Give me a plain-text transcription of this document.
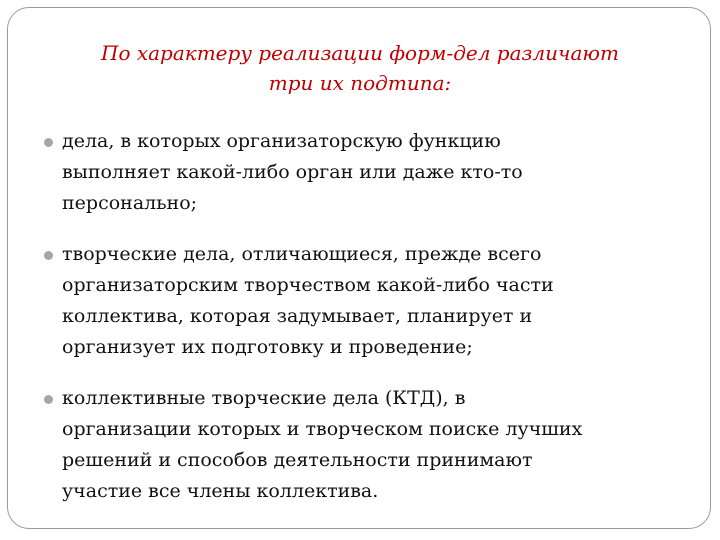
По характеру реализации форм-дел различают
три их подтипа:
дела, в которых организаторскую функцию
выполняет какой-либо орган или даже кто-то
персонально;
творческие дела, отличающиеся, прежде всего
организаторским творчеством какой-либо части
коллектива, которая задумывает, планирует и
организует их подготовку и проведение;
коллективные творческие дела (КТД), в
организации которых и творческом поиске лучших
решений и способов деятельности принимают
участие все члены коллектива.
